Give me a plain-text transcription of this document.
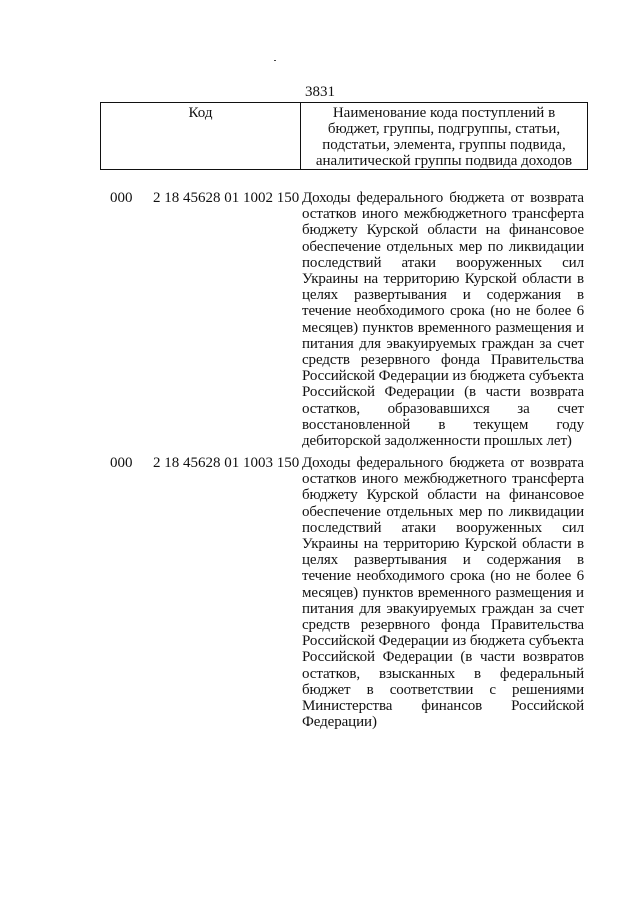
3831
Код	Наименование кода поступлений в бюджет, группы, подгруппы, статьи, подстатьи, элемента, группы подвида, аналитической группы подвида доходов
000 2 18 45628 01 1002 150 Доходы федерального бюджета от возврата остатков иного межбюджетного трансферта бюджету Курской области на финансовое обеспечение отдельных мер по ликвидации последствий атаки вооруженных сил Украины на территорию Курской области в целях развертывания и содержания в течение необходимого срока (но не более 6 месяцев) пунктов временного размещения и питания для эвакуируемых граждан за счет средств резервного фонда Правительства Российской Федерации из бюджета субъекта Российской Федерации (в части возврата остатков, образовавшихся за счет восстановленной в текущем году дебиторской задолженности прошлых лет)
000 2 18 45628 01 1003 150 Доходы федерального бюджета от возврата остатков иного межбюджетного трансферта бюджету Курской области на финансовое обеспечение отдельных мер по ликвидации последствий атаки вооруженных сил Украины на территорию Курской области в целях развертывания и содержания в течение необходимого срока (но не более 6 месяцев) пунктов временного размещения и питания для эвакуируемых граждан за счет средств резервного фонда Правительства Российской Федерации из бюджета субъекта Российской Федерации (в части возвратов остатков, взысканных в федеральный бюджет в соответствии с решениями Министерства финансов Российской Федерации)
